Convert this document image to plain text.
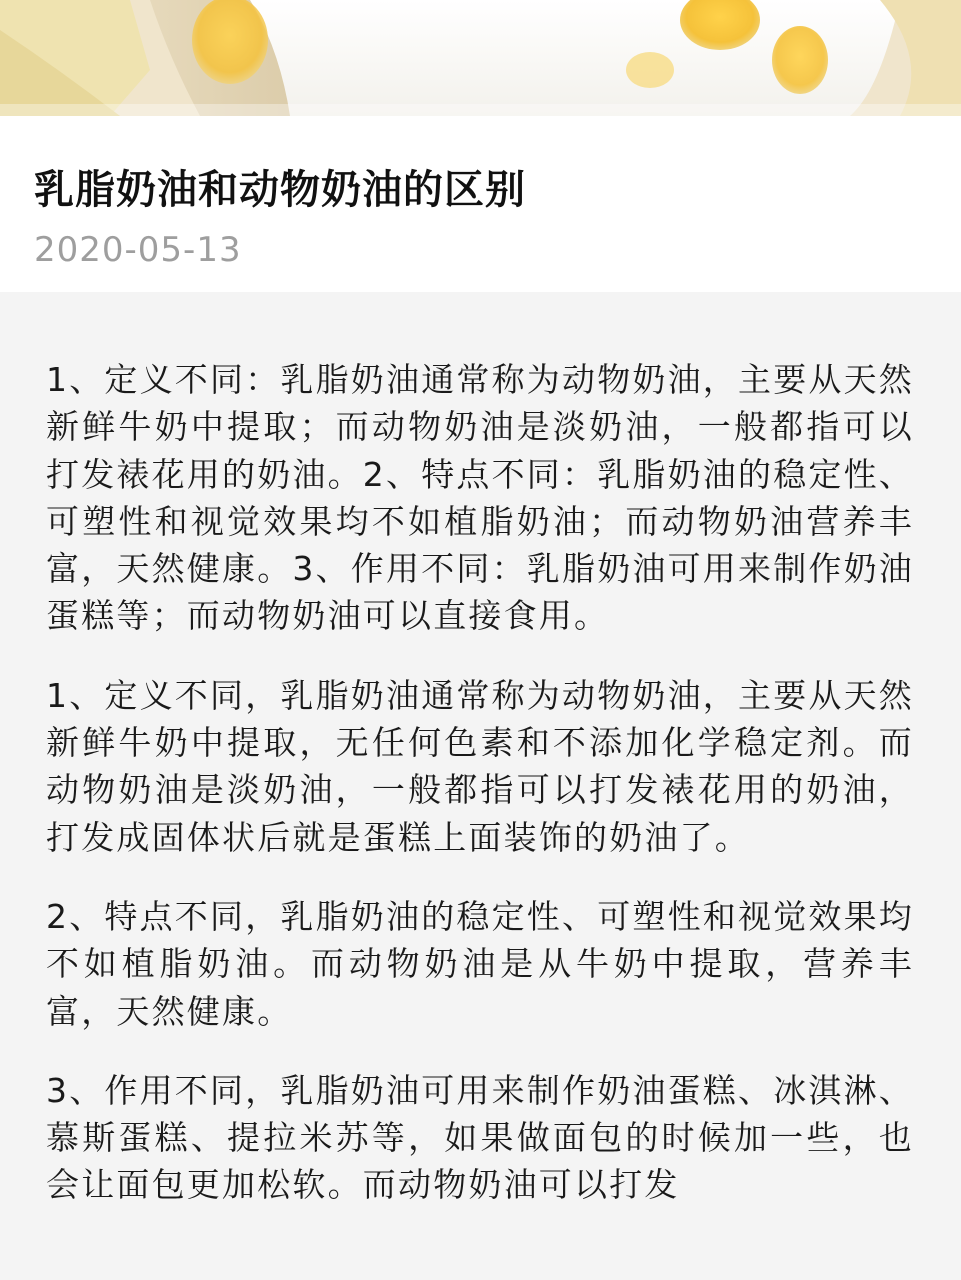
乳脂奶油和动物奶油的区别
2020-05-13

1、定义不同：乳脂奶油通常称为动物奶油，主要从天然新鲜牛奶中提取；而动物奶油是淡奶油，一般都指可以打发裱花用的奶油。2、特点不同：乳脂奶油的稳定性、可塑性和视觉效果均不如植脂奶油；而动物奶油营养丰富，天然健康。3、作用不同：乳脂奶油可用来制作奶油蛋糕等；而动物奶油可以直接食用。

1、定义不同，乳脂奶油通常称为动物奶油，主要从天然新鲜牛奶中提取，无任何色素和不添加化学稳定剂。而动物奶油是淡奶油，一般都指可以打发裱花用的奶油，打发成固体状后就是蛋糕上面装饰的奶油了。

2、特点不同，乳脂奶油的稳定性、可塑性和视觉效果均不如植脂奶油。而动物奶油是从牛奶中提取，营养丰富，天然健康。

3、作用不同，乳脂奶油可用来制作奶油蛋糕、冰淇淋、慕斯蛋糕、提拉米苏等，如果做面包的时候加一些，也会让面包更加松软。而动物奶油可以打发
